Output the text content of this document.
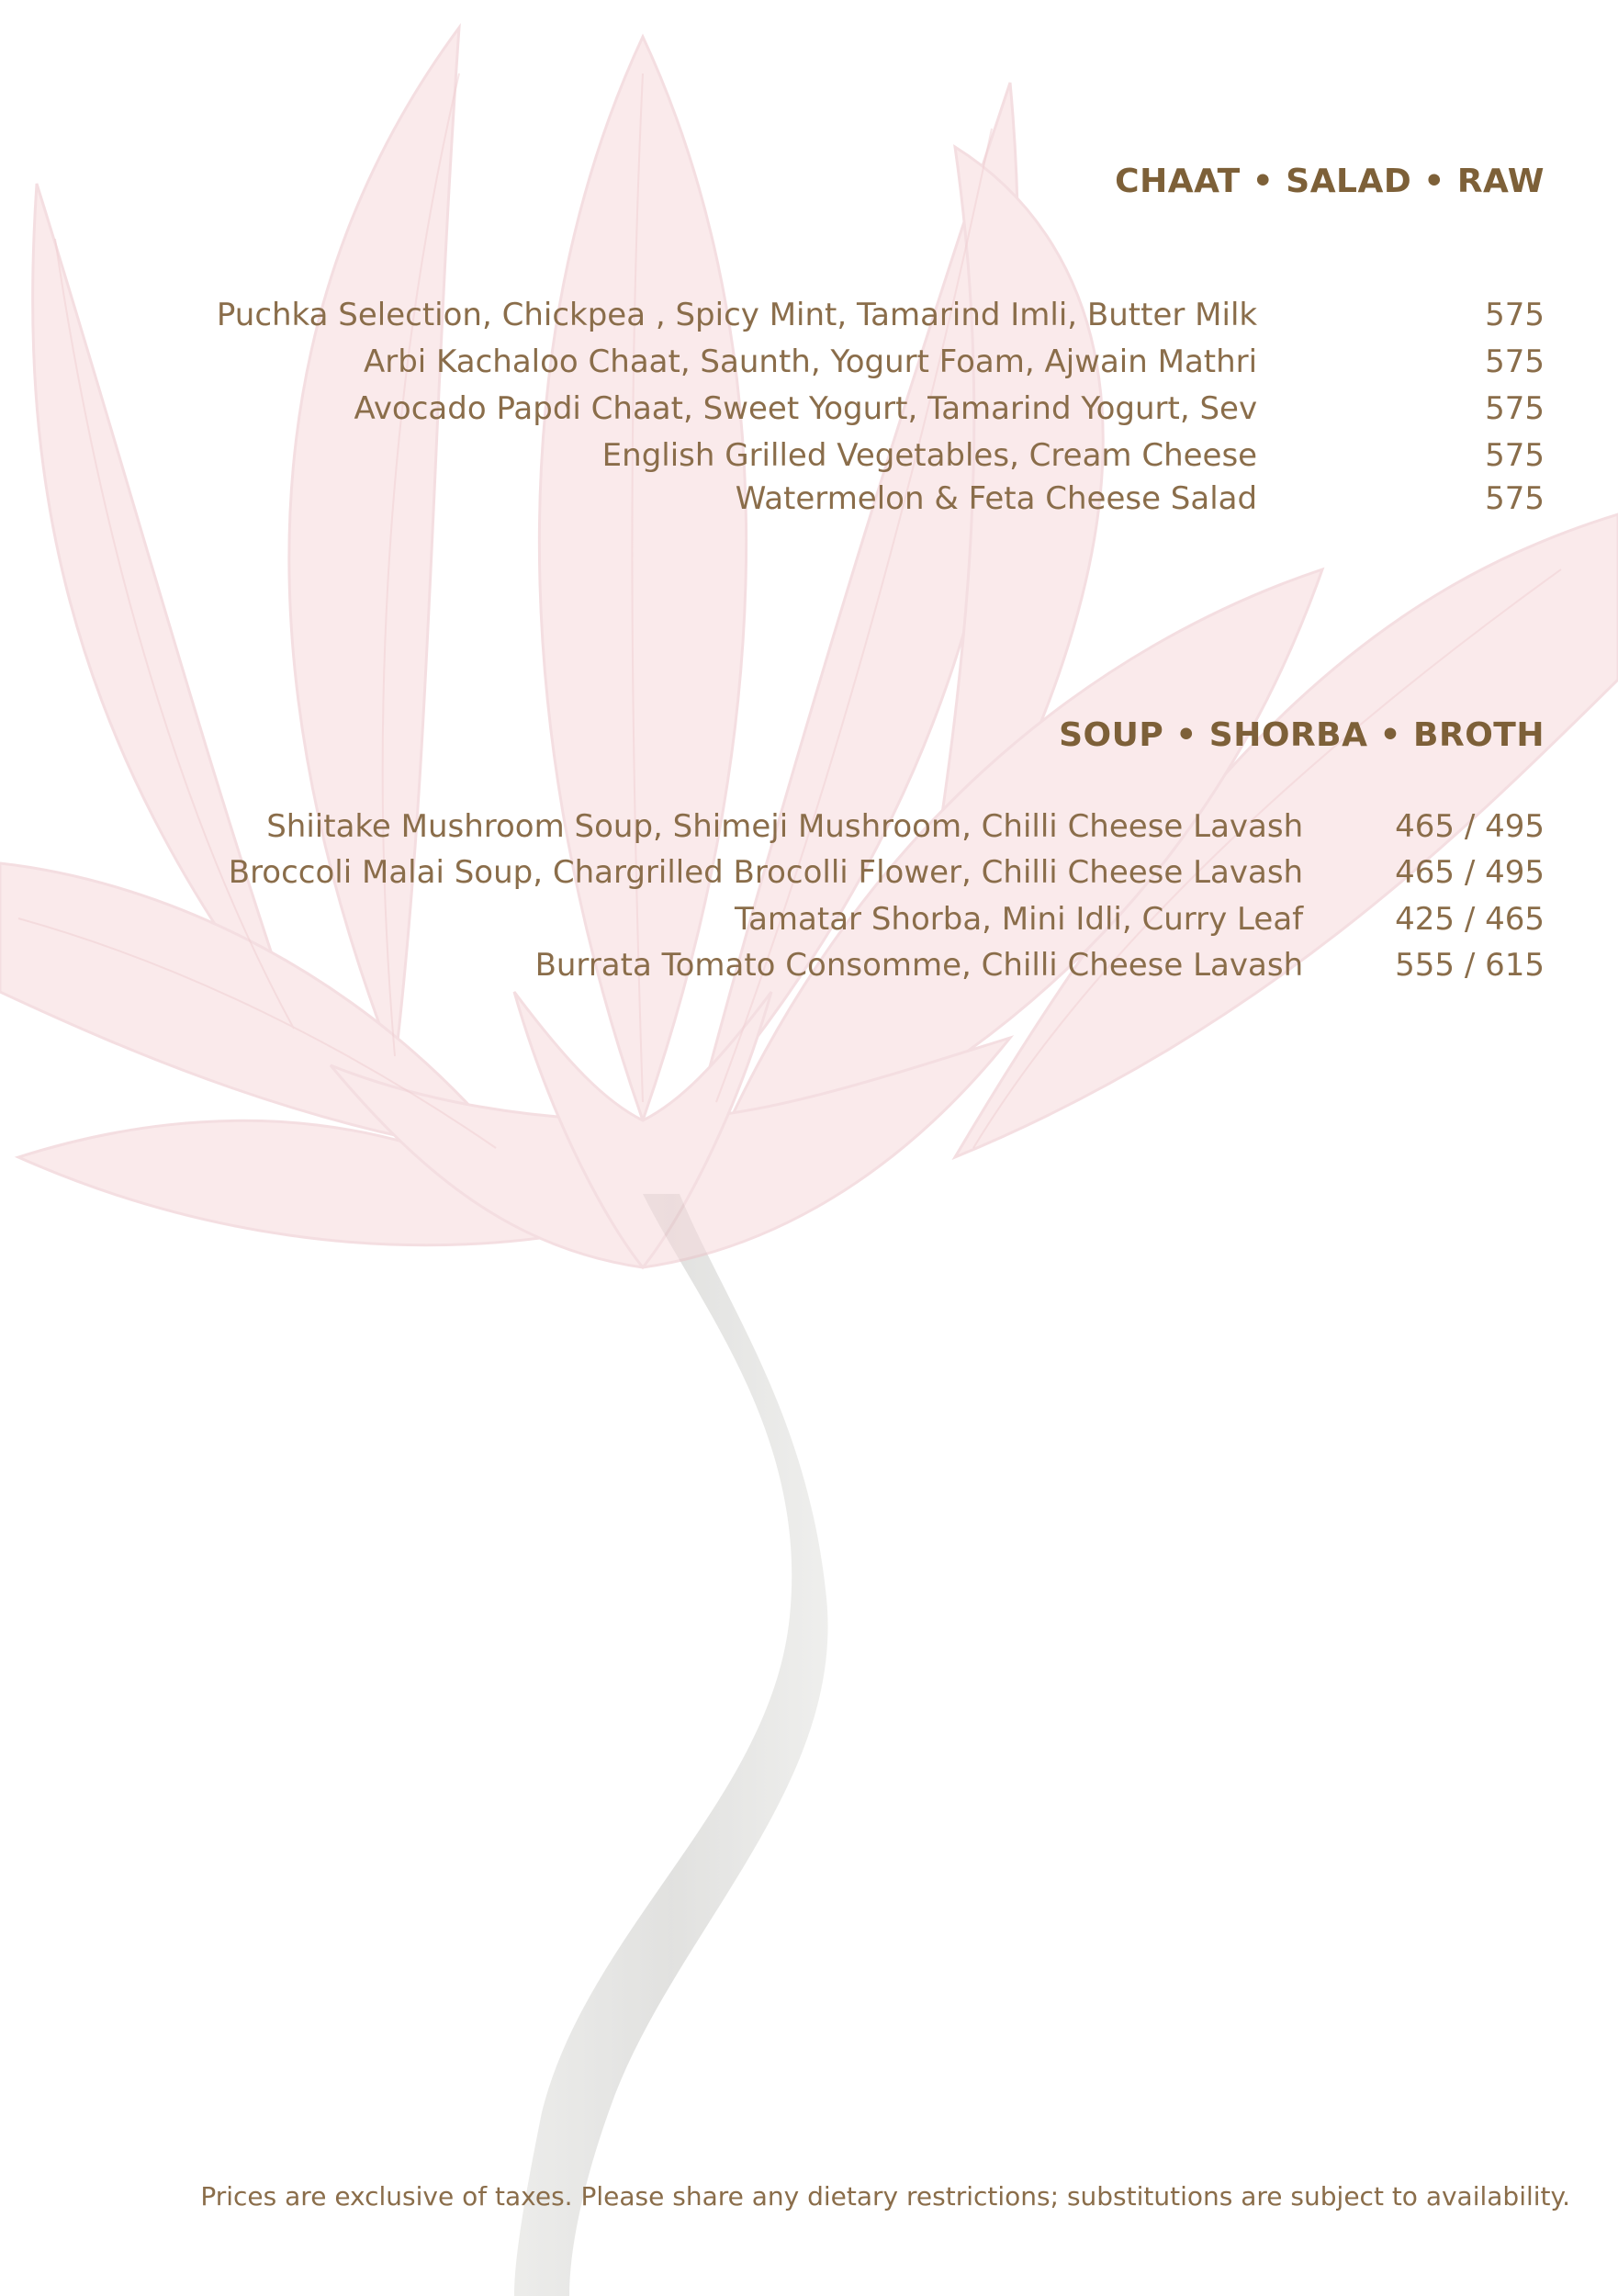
CHAAT • SALAD • RAW
Puchka Selection, Chickpea , Spicy Mint, Tamarind Imli, Butter Milk	575
Arbi Kachaloo Chaat, Saunth, Yogurt Foam, Ajwain Mathri	575
Avocado Papdi Chaat, Sweet Yogurt, Tamarind Yogurt, Sev	575
English Grilled Vegetables, Cream Cheese	575
Watermelon & Feta Cheese Salad	575
SOUP • SHORBA • BROTH
Shiitake Mushroom Soup, Shimeji Mushroom, Chilli Cheese Lavash	465 / 495
Broccoli Malai Soup, Chargrilled Brocolli Flower, Chilli Cheese Lavash	465 / 495
Tamatar Shorba, Mini Idli, Curry Leaf	425 / 465
Burrata Tomato Consomme, Chilli Cheese Lavash	555 / 615

Prices are exclusive of taxes. Please share any dietary restrictions; substitutions are subject to availability.
